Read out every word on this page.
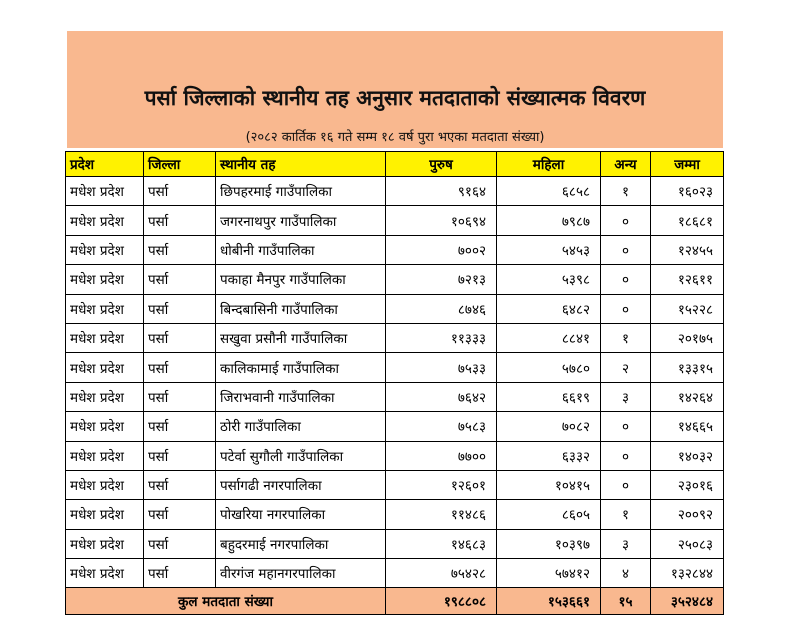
पर्सा जिल्लाको स्थानीय तह अनुसार मतदाताको संख्यात्मक विवरण
(२०८२ कार्तिक १६ गते सम्म १८ वर्ष पुरा भएका मतदाता संख्या)
प्रदेश	जिल्ला	स्थानीय तह	पुरुष	महिला	अन्य	जम्मा
मधेश प्रदेश	पर्सा	छिपहरमाई गाउँपालिका	९१६४	६८५८	१	१६०२३
मधेश प्रदेश	पर्सा	जगरनाथपुर गाउँपालिका	१०६९४	७९८७	०	१८६८१
मधेश प्रदेश	पर्सा	धोबीनी गाउँपालिका	७००२	५४५३	०	१२४५५
मधेश प्रदेश	पर्सा	पकाहा मैनपुर गाउँपालिका	७२१३	५३९८	०	१२६११
मधेश प्रदेश	पर्सा	बिन्दबासिनी गाउँपालिका	८७४६	६४८२	०	१५२२८
मधेश प्रदेश	पर्सा	सखुवा प्रसौनी गाउँपालिका	११३३३	८८४१	१	२०१७५
मधेश प्रदेश	पर्सा	कालिकामाई गाउँपालिका	७५३३	५७८०	२	१३३१५
मधेश प्रदेश	पर्सा	जिराभवानी गाउँपालिका	७६४२	६६१९	३	१४२६४
मधेश प्रदेश	पर्सा	ठोरी गाउँपालिका	७५८३	७०८२	०	१४६६५
मधेश प्रदेश	पर्सा	पटेर्वा सुगौली गाउँपालिका	७७००	६३३२	०	१४०३२
मधेश प्रदेश	पर्सा	पर्सागढी नगरपालिका	१२६०१	१०४१५	०	२३०१६
मधेश प्रदेश	पर्सा	पोखरिया नगरपालिका	११४८६	८६०५	१	२००९२
मधेश प्रदेश	पर्सा	बहुदरमाई नगरपालिका	१४६८३	१०३९७	३	२५०८३
मधेश प्रदेश	पर्सा	वीरगंज महानगरपालिका	७५४२८	५७४१२	४	१३२८४४
कुल मतदाता संख्या			१९८८०८	१५३६६१	१५	३५२४८४
